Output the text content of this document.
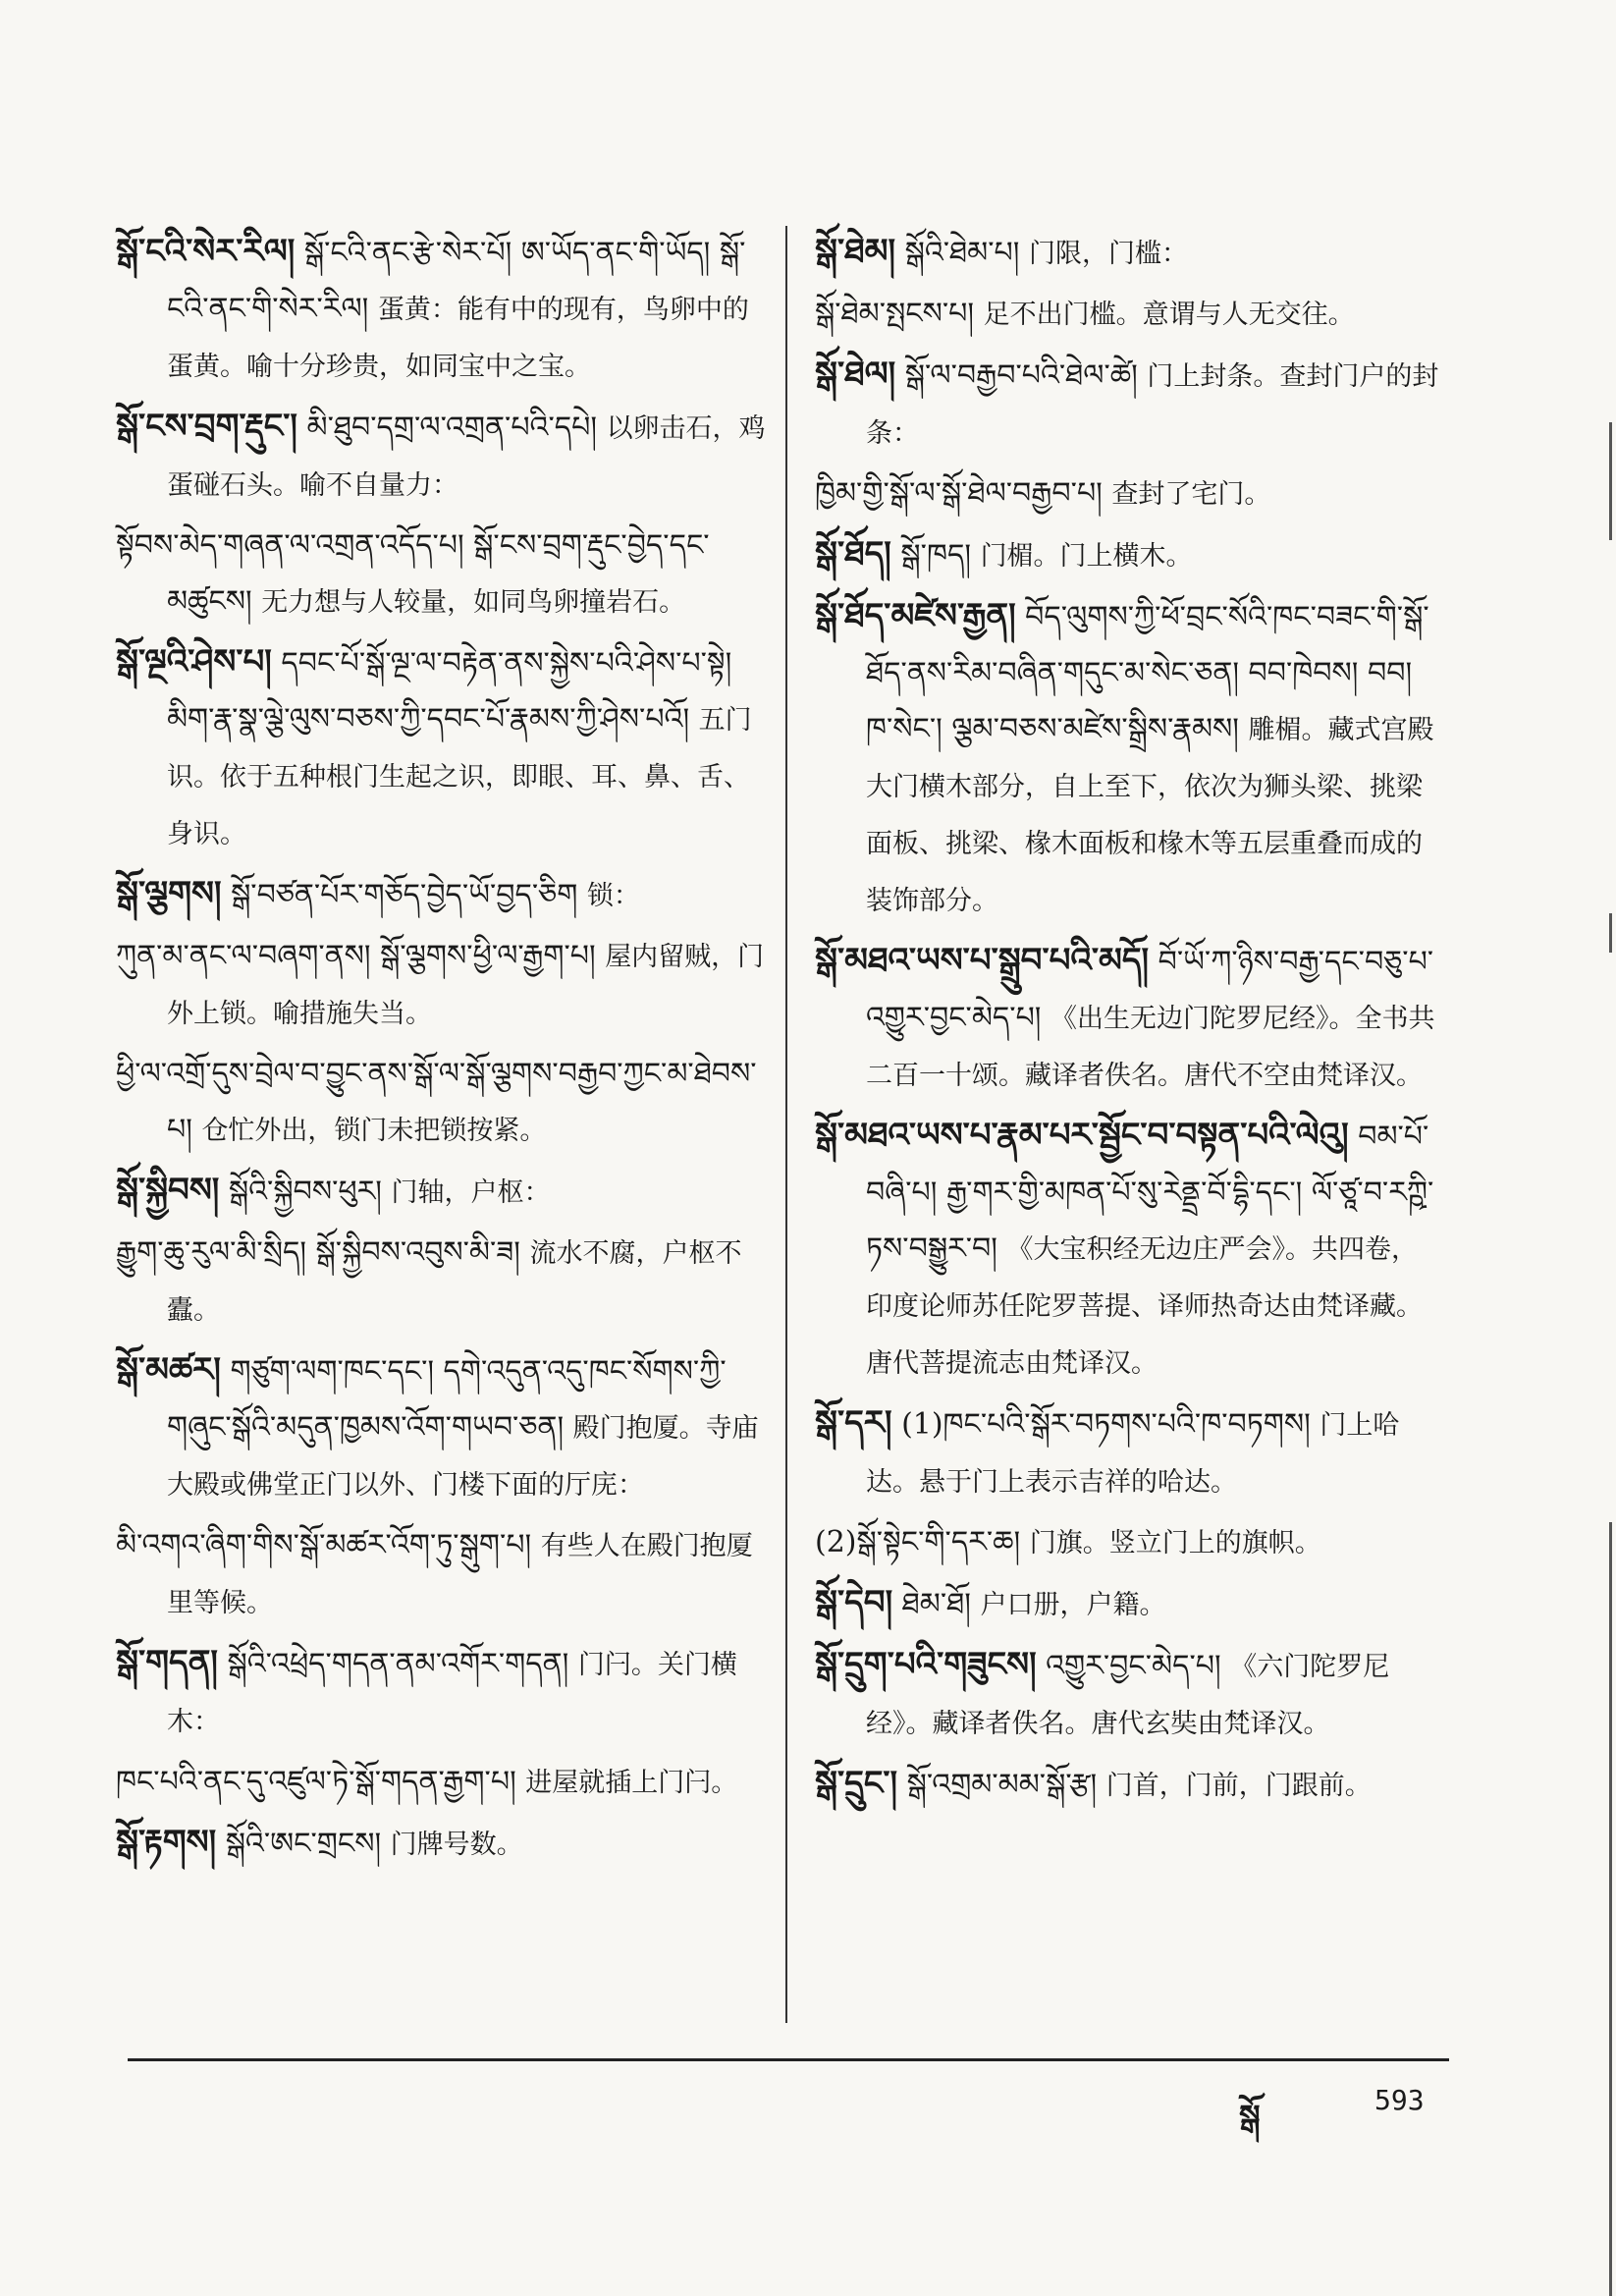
སྒོ་ངའི་སེར་རིལ། སྒོ་ངའི་ནང་རྩེ་སེར་པོ། ཨ་ཡོད་ནང་གི་ཡོད། སྒོ་ངའི་ནང་གི་སེར་རིལ། 蛋黄：能有中的现有，鸟卵中的蛋黄。喻十分珍贵，如同宝中之宝。
སྒོ་ངས་བྲག་རྡུང་། མི་ཐུབ་དགྲ་ལ་འགྲན་པའི་དཔེ། 以卵击石，鸡蛋碰石头。喻不自量力：
སྟོབས་མེད་གཞན་ལ་འགྲན་འདོད་པ། སྒོ་ངས་བྲག་རྡུང་བྱེད་དང་མཚུངས། 无力想与人较量，如同鸟卵撞岩石。
སྒོ་ལྔའི་ཤེས་པ། དབང་པོ་སྒོ་ལྔ་ལ་བརྟེན་ནས་སྐྱེས་པའི་ཤེས་པ་སྟེ། མིག་རྣ་སྣ་ལྕེ་ལུས་བཅས་ཀྱི་དབང་པོ་རྣམས་ཀྱི་ཤེས་པའོ། 五门识。依于五种根门生起之识，即眼、耳、鼻、舌、身识。
སྒོ་ལྕགས། སྒོ་བཙན་པོར་གཅོད་བྱེད་ཡོ་བྱད་ཅིག 锁：
ཀུན་མ་ནང་ལ་བཞག་ནས། སྒོ་ལྕགས་ཕྱི་ལ་རྒྱག་པ། 屋内留贼，门外上锁。喻措施失当。
ཕྱི་ལ་འགྲོ་དུས་བྲེལ་བ་བྱུང་ནས་སྒོ་ལ་སྒོ་ལྕགས་བརྒྱབ་ཀྱང་མ་ཐེབས་པ། 仓忙外出，锁门未把锁按紧。
སྒོ་སྐྱིབས། སྒོའི་སྐྱིབས་ཕུར། 门轴，户枢：
རྒྱུག་ཆུ་རུལ་མི་སྲིད། སྒོ་སྐྱིབས་འབུས་མི་ཟ། 流水不腐，户枢不蠹。
སྒོ་མཚར། གཙུག་ལག་ཁང་དང་། དགེ་འདུན་འདུ་ཁང་སོགས་ཀྱི་གཞུང་སྒོའི་མདུན་ཁྱམས་འོག་གཡབ་ཅན། 殿门抱厦。寺庙大殿或佛堂正门以外、门楼下面的厅庑：
མི་འགའ་ཞིག་གིས་སྒོ་མཚར་འོག་ཏུ་སྒུག་པ། 有些人在殿门抱厦里等候。
སྒོ་གདན། སྒོའི་འཕྲེད་གདན་ནམ་འགོར་གདན། 门闩。关门横木：
ཁང་པའི་ནང་དུ་འཛུལ་ཏེ་སྒོ་གདན་རྒྱག་པ། 进屋就插上门闩。
སྒོ་རྟགས། སྒོའི་ཨང་གྲངས། 门牌号数。
སྒོ་ཐེམ། སྒོའི་ཐེམ་པ། 门限，门槛：
སྒོ་ཐེམ་སྤངས་པ། 足不出门槛。意谓与人无交往。
སྒོ་ཐེལ། སྒོ་ལ་བརྒྱབ་པའི་ཐེལ་ཚེ། 门上封条。查封门户的封条：
ཁྱིམ་གྱི་སྒོ་ལ་སྒོ་ཐེལ་བརྒྱབ་པ། 查封了宅门。
སྒོ་ཐོད། སྒོ་ཁད། 门楣。门上横木。
སྒོ་ཐོད་མཛེས་རྒྱན། བོད་ལུགས་ཀྱི་ཕོ་བྲང་སོའི་ཁང་བཟང་གི་སྒོ་ཐོད་ནས་རིམ་བཞིན་གདུང་མ་སེང་ཅན། བབ་ཁེབས། བབ། ཁ་སེང་། ལྕམ་བཅས་མཛེས་སྒྲིས་རྣམས། 雕楣。藏式宫殿大门横木部分，自上至下，依次为狮头梁、挑梁面板、挑梁、椽木面板和椽木等五层重叠而成的装饰部分。
སྒོ་མཐའ་ཡས་པ་སྒྲུབ་པའི་མདོ། བོ་ཡོ་ཀ་ཉིས་བརྒྱ་དང་བཅུ་པ་འགྱུར་བྱང་མེད་པ། 《出生无边门陀罗尼经》。全书共二百一十颂。藏译者佚名。唐代不空由梵译汉。
སྒོ་མཐའ་ཡས་པ་རྣམ་པར་སྦྱོང་བ་བསྟན་པའི་ལེའུ། བམ་པོ་བཞི་པ། རྒྱ་གར་གྱི་མཁན་པོ་སུ་རེནྡྲ་བོ་དྷི་དང་། ལོ་ཙཱ་བ་རཀྵི་ཏས་བསྒྱུར་བ། 《大宝积经无边庄严会》。共四卷，印度论师苏任陀罗菩提、译师热奇达由梵译藏。唐代菩提流志由梵译汉。
སྒོ་དར། (1)ཁང་པའི་སྒོར་བཏགས་པའི་ཁ་བཏགས། 门上哈达。悬于门上表示吉祥的哈达。
(2)སྒོ་སྟེང་གི་དར་ཆ། 门旗。竖立门上的旗帜。
སྒོ་དེབ། ཐེམ་ཐོ། 户口册，户籍。
སྒོ་དྲུག་པའི་གཟུངས། འགྱུར་བྱང་མེད་པ། 《六门陀罗尼经》。藏译者佚名。唐代玄奘由梵译汉。
སྒོ་དྲུང་། སྒོ་འགྲམ་མམ་སྒོ་རྩ། 门首，门前，门跟前。
སྒོ	593
